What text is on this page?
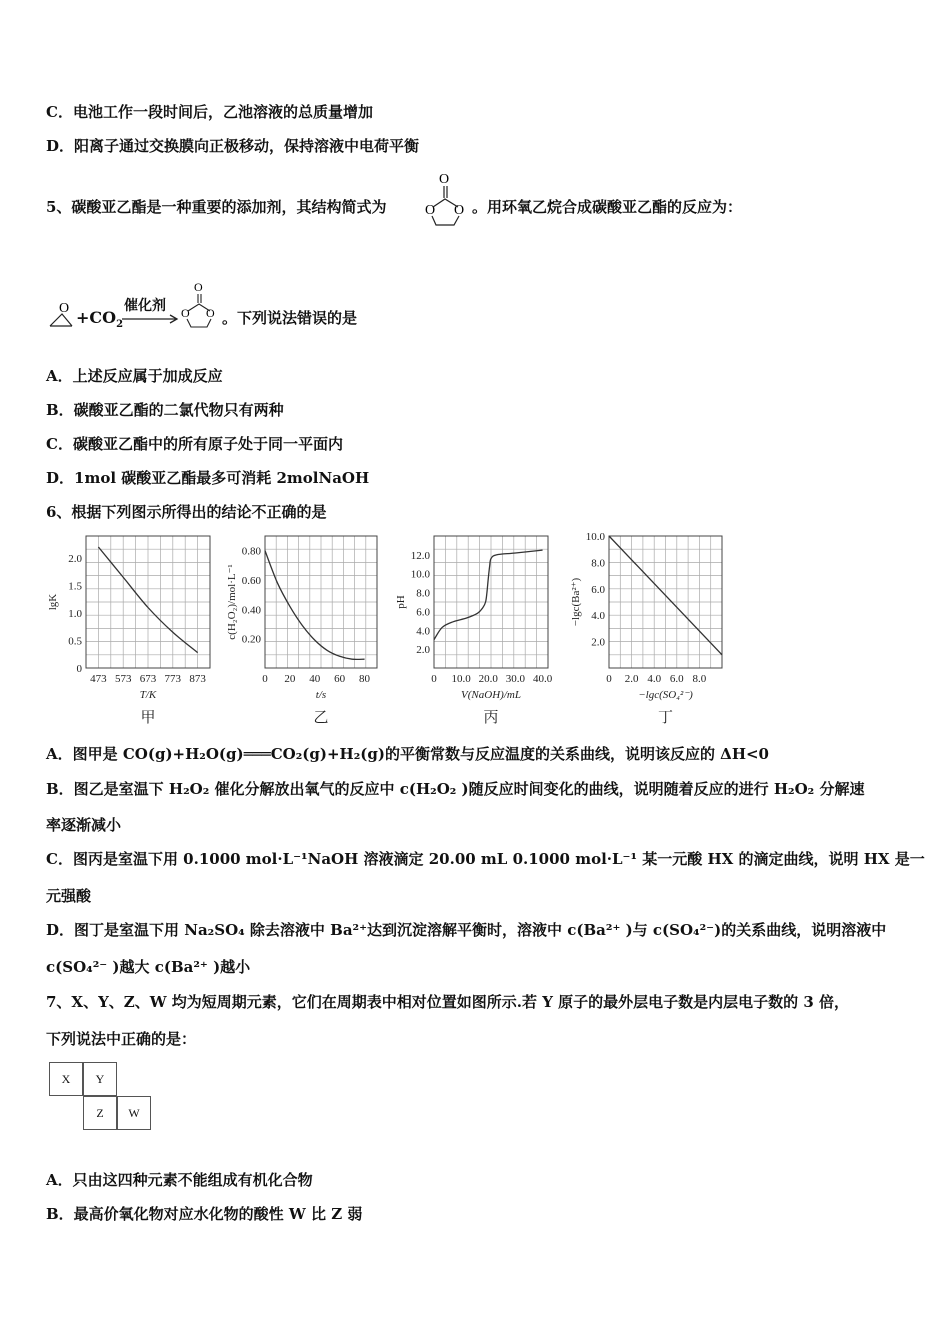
C．电池工作一段时间后，乙池溶液的总质量增加
D．阳离子通过交换膜向正极移动，保持溶液中电荷平衡
5、碳酸亚乙酯是一种重要的添加剂，其结构简式为
O
O O 。用环氧乙烷合成碳酸亚乙酯的反应为：
$O +CO_2$
催化剂
O
O O 。下列说法错误的是
A．上述反应属于加成反应
B．碳酸亚乙酯的二氯代物只有两种
C．碳酸亚乙酯中的所有原子处于同一平面内
D．1mol 碳酸亚乙酯最多可消耗 2molNaOH
6、根据下列图示所得出的结论不正确的是
473 573 673 773 873
0
0.5
1.0
1.5
2.0
T/K
lgK
甲
0 20 40 60 80
0.20
0.40
0.60
0.80
t/s
c(H₂O₂)/mol·L⁻¹
乙
0 10.0 20.0 30.0 40.0
2.0
4.0
6.0
8.0
10.0
12.0
V(NaOH)/mL
pH
丙
0 2.0 4.0 6.0 8.0
2.0
4.0
6.0
8.0
10.0
−lgc(SO₄²⁻)
−lgc(Ba²⁺)
丁
A．图甲是 CO(g)+H₂O(g)═══CO₂(g)+H₂(g)的平衡常数与反应温度的关系曲线，说明该反应的 ΔH<0
B．图乙是室温下 H₂O₂ 催化分解放出氧气的反应中 c(H₂O₂ )随反应时间变化的曲线，说明随着反应的进行 H₂O₂ 分解速
率逐渐减小
C．图丙是室温下用 0.1000 mol·L⁻¹NaOH 溶液滴定 20.00 mL 0.1000 mol·L⁻¹ 某一元酸 HX 的滴定曲线，说明 HX 是一
元强酸
D．图丁是室温下用 Na₂SO₄ 除去溶液中 Ba²⁺达到沉淀溶解平衡时，溶液中 c(Ba²⁺ )与 c(SO₄²⁻)的关系曲线，说明溶液中
c(SO₄²⁻ )越大 c(Ba²⁺ )越小
7、X、Y、Z、W 均为短周期元素，它们在周期表中相对位置如图所示.若 Y 原子的最外层电子数是内层电子数的 3 倍，
下列说法中正确的是：
X	Y
Z	W
A．只由这四种元素不能组成有机化合物
B．最高价氧化物对应水化物的酸性 W 比 Z 弱
